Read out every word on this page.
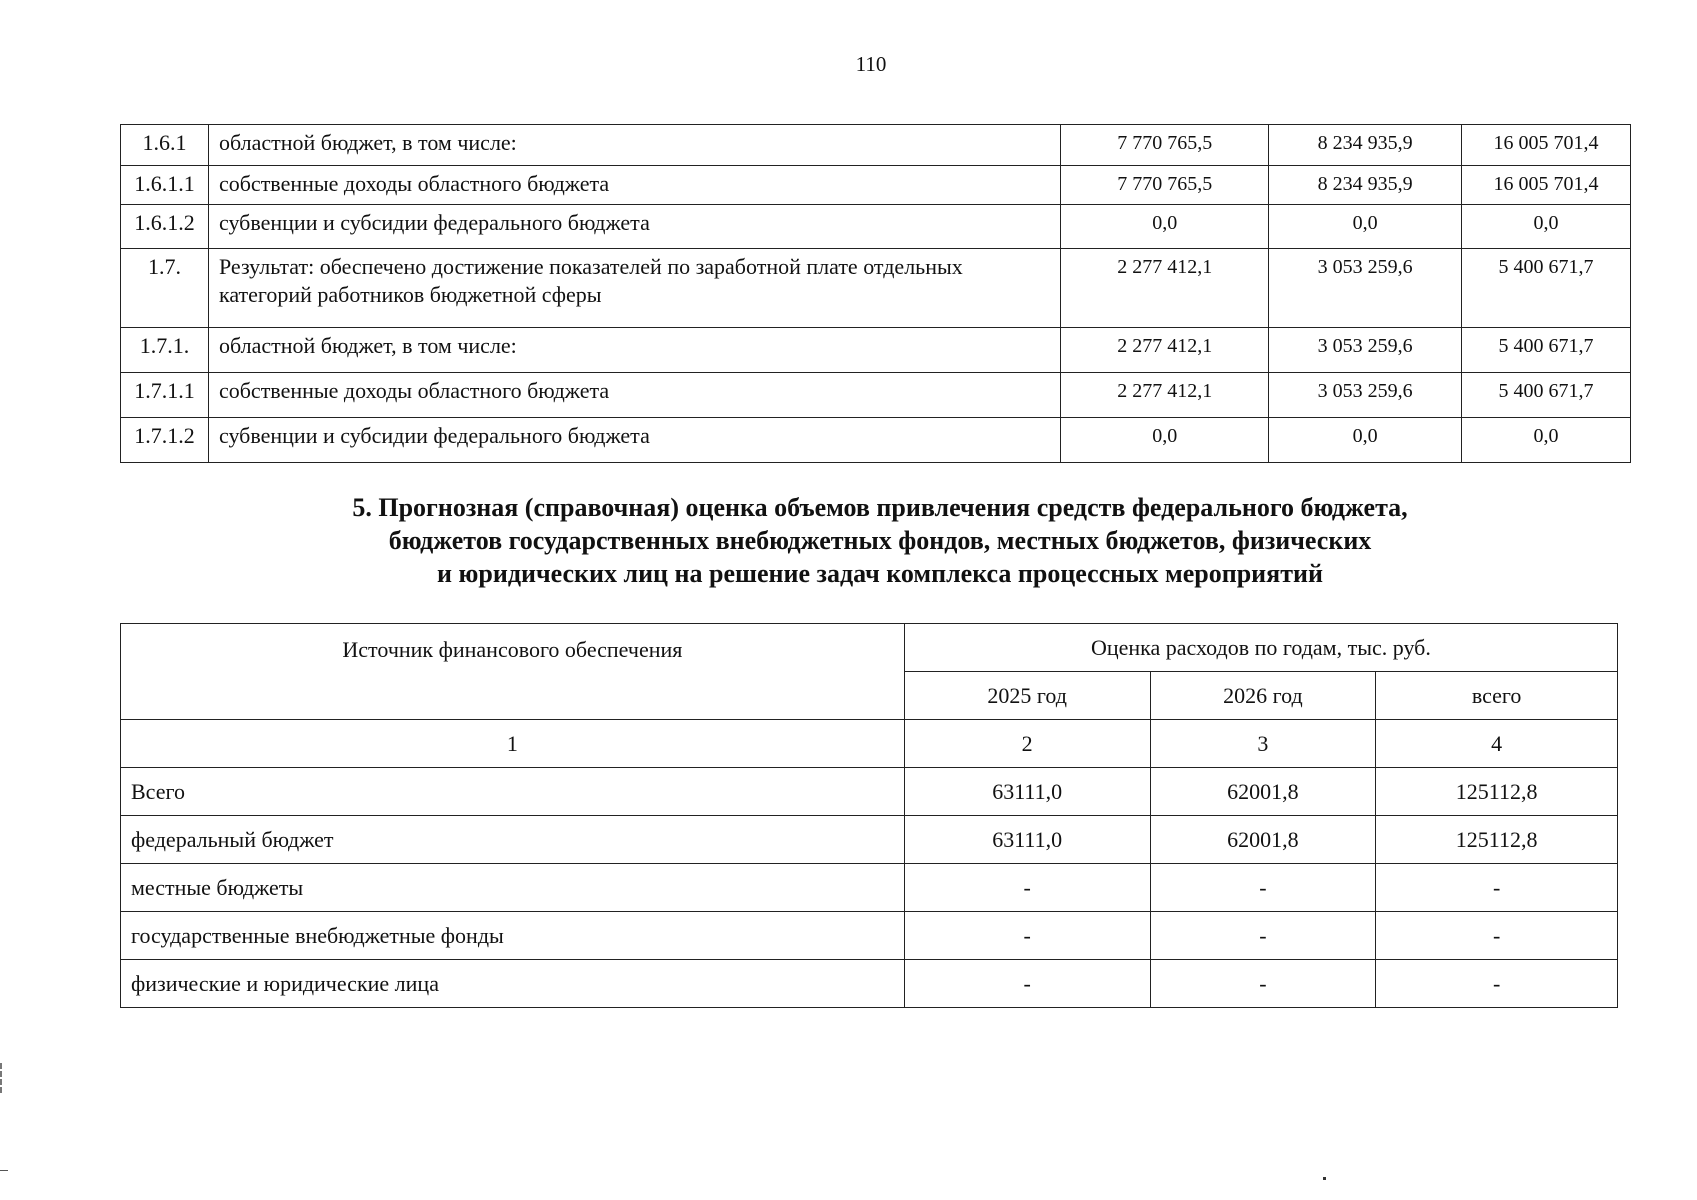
110
1.6.1	областной бюджет, в том числе:	7 770 765,5	8 234 935,9	16 005 701,4
1.6.1.1	собственные доходы областного бюджета	7 770 765,5	8 234 935,9	16 005 701,4
1.6.1.2	субвенции и субсидии федерального бюджета	0,0	0,0	0,0
1.7.	Результат: обеспечено достижение показателей по заработной плате отдельных категорий работников бюджетной сферы	2 277 412,1	3 053 259,6	5 400 671,7
1.7.1.	областной бюджет, в том числе:	2 277 412,1	3 053 259,6	5 400 671,7
1.7.1.1	собственные доходы областного бюджета	2 277 412,1	3 053 259,6	5 400 671,7
1.7.1.2	субвенции и субсидии федерального бюджета	0,0	0,0	0,0
5. Прогнозная (справочная) оценка объемов привлечения средств федерального бюджета,
бюджетов государственных внебюджетных фондов, местных бюджетов, физических
и юридических лиц на решение задач комплекса процессных мероприятий
Источник финансового обеспечения	Оценка расходов по годам, тыс. руб.		
	2025 год	2026 год	всего
1	2	3	4
Всего	63111,0	62001,8	125112,8
федеральный бюджет	63111,0	62001,8	125112,8
местные бюджеты	-	-	-
государственные внебюджетные фонды	-	-	-
физические и юридические лица	-	-	-
